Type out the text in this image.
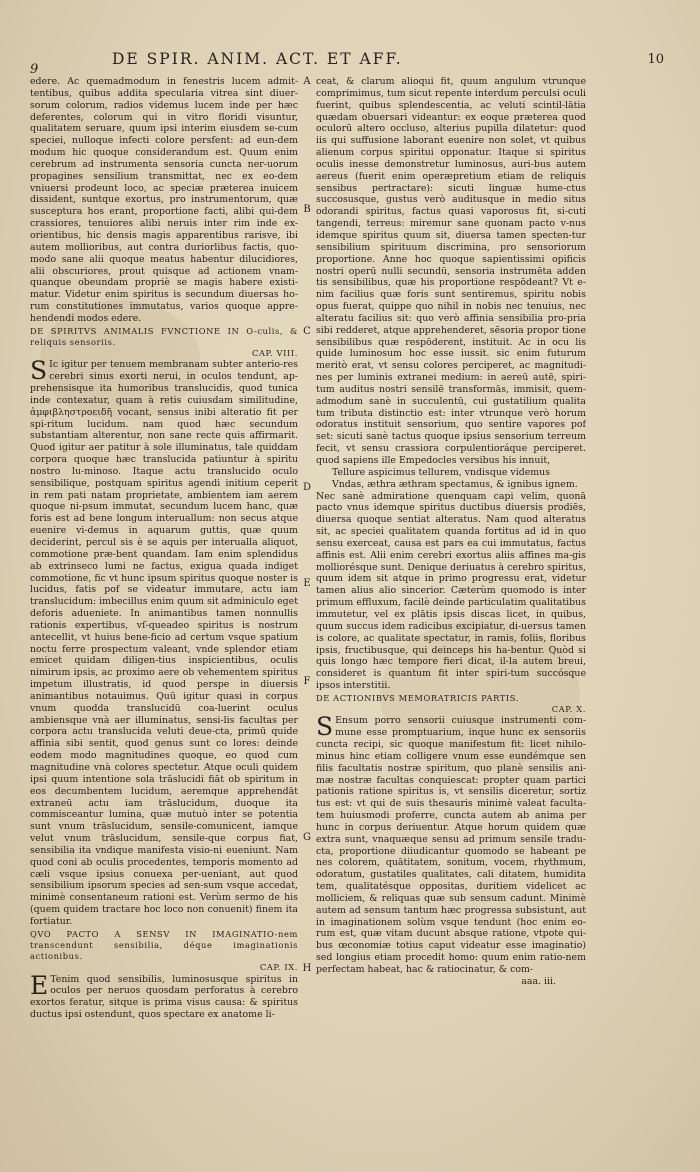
9
DE SPIR. ANIM. ACT. ET AFF.	10

edere. Ac quemadmodum in fenestris lucem admit-tentibus, quibus addita specularia vitrea sint diuer-sorum colorum, radios videmus lucem inde per hæc deferentes, colorum qui in vitro floridi visuntur, qualitatem seruare, quum ipsi interim eiusdem se-cum speciei, nulloque infecti colore persfent: ad eun-dem modum hic quoque considerandum est. Quum enim cerebrum ad instrumenta sensoria cuncta ner-uorum propagines sensilium transmittat, nec ex eo-dem vniuersi prodeunt loco, ac speciæ præterea inuicem dissident, suntque exortus, pro instrumentorum, quæ suscepturа hos erant, proportione facti, alibi qui-dem crassiores, tenuiores alibi neruis inter rim inde ex-orientibus, hic densis magis apparentibus rarisve, ibi autem mollioribus, aut contra duriorlibus factis, quo-modo sane alii quoque meatus habentur dilucidiores, alii obscuriores, prout quisque ad actionem vnam-quanque obeundam propriè se magis habere existi-matur. Videtur enim spiritus is secundum diuersas ho-rum constitutiones immutatus, varios quoque appre-hendendi modos edere.

DE SPIRITVS ANIMALIS FVNCTIONE IN O-culis, & reliquis sensoriis.

CAP. VIII.

SIc igitur per tenuem membranam subter anterio-res cerebri sinus exorti nerui, in oculos tendunt, ap-prehensisque ita humoribus transluсidis, quod tunica inde contexatur, quam à retis cuiusdam similitudine, ἀμφιβληστροειδῆ vocant, sensus inibi alteratio fit per spi-ritum lucidum. nam quod hæc secundum substantiam alterentur, non sane recte quis affirmarit. Quod igitur aer patitur à sole illuminatus, tale quiddam corpora quoque hæc translucida patiuntur à spiritu nostro lu-minoso. Itaque actu translucido oculo sensibilique, postquam spiritus agendi initium ceperit in rem pati natam proprietate, ambientem iam aerem quoque ni-psum immutat, secundum lucem hanc, quæ foris est ad bene longum interuallum: non secus atque euenire vi-demus in aquarum guttis, quæ quum deciderint, percul sis è se aquis per interualla aliquot, commotione præ-bent quandam. Iam enim splendidus ab extrinseco lumi ne factus, exigua quada indiget commotione, fic vt hunc ipsum spiritus quoque noster is lucidus, fatis pof se videatur immutare, actu iam translucidum: imbecillus enim quum sit adminiculo eget deforis adueniete. In animantibus tamen nonnullis rationis expertibus, vſ-queadeo spiritus is nostrum antecellit, vt huius bene-ficio ad certum vsque spatium noctu ferre prospectum valeant, vnde splendor etiam emicet quidam diligen-tius inspicientibus, oculis nimirum ipsis, ac proximo aere ob vehementem spiritus impetum illustratis, id quod perspe in diuersis animantibus notauimus. Quū igitur quasi in corpus vnum quodda translucidū coa-luerint oculus ambiensque vnà aer illuminatus, sensi-lis facultas per corpora actu translucida veluti deue-cta, primū quide affinia sibi sentit, quod genus sunt co lores: deinde eodem modo magnitudines quoque, eo quod cum magnitudine vnà colores spectetur. Atque oculi quidem ipsi quum intentione sola trāslucidi fiāt ob spiritum in eos decumbentem lucidum, aeremque apprehendāt extraneū actu iam trāslucidum, duoque ita commisceantur lumina, quæ mutuò inter se potentia sunt vnum trāslucidum, sensile-comunicent, iamque velut vnum trāslucidum, sensile-que corpus fiat, sensibilia ita vndique manifesta visio-ni eueniunt. Nam quod coni ab oculis procedentes, temporis momento ad cæli vsque ipsius conuexa per-ueniant, aut quod sensibilium ipsorum species ad sen-sum vsque accedat, minimè consentaneum rationi est. Verùm sermo de his (quem quidem tractare hoc loco non conuenit) finem ita fortiatur.

QVO PACTO A SENSV IN IMAGINATIO-nem transcendunt sensibilia, déque imaginationis actionibus.

CAP. IX.

ETenim quod sensibilis, luminosusque spiritus in oculos per neruos quosdam perforatus à cerebro exortos feratur, sitque is prima visus causa: & spiritus ductus ipsi ostendunt, quos spectare ex anatome li-

A
B
C
D
E
F
G
H

ceat, & clarum alioqui fit, quum angulum vtrunque comprimimus, tum sicut repente interdum perculsi oculi fuerint, quibus splendescentia, ac veluti scintil-lātia quædam obuersari videantur: ex eoque præterea quod oculorū altero occluso, alterius pupilla dilatetur: quod iis qui suffusione laborant euenire non solet, vt quibus alienum corpus spiritui opponatur. Itaque si spiritus oculis inesse demonstretur luminosus, auri-bus autem aereus (fuerit enim operæpretium etiam de reliquis sensibus pertractare): sicuti linguæ hume-ctus succosusque, gustus verò auditusque in medio situs odorandi spiritus, factus quasi vaporosus fit, si-cuti tangendi, terreus: miremur sane quonam pacto v-nus idemque spiritus quum sit, diuersa tamen specten-tur sensibilium spirituum discrimina, pro sensoriorum proportione. Anne hoc quoque sapientissimi opificis nostri operū nulli secundū, sensoria instrumēta adden tis sensibilibus, quæ his proportione respōdeant? Vt e-nim facilius quæ foris sunt sentiremus, spiritu nobis opus fuerat, quippe quo nihil in nobis nec tenuius, nec alteratu facilius sit: quo verò affinia sensibilia pro-pria sibi redderet, atque apprehenderet, sēsoria propor tione sensibilibus quæ respōderent, instituit. Ac in ocu lis quide luminosum hoc esse iussit. sic enim futurum meritò erat, vt sensu colores perciperet, ac magnitudi-nes per luminis extranei medium: in aereū autē, spiri-tum auditus nostri sensilē transformās, immisit, quem-admodum sanè in succulentū, cui gustatilium qualita tum tributa distinctio est: inter vtrunque verò horum odoratus instituit sensorium, quo sentire vapores pof set: sicuti sanè tactus quoque ipsius sensorium terreum fecit, vt sensu crassiora corpulentioráque perciperet. quod sapiens ille Empedocles versibus his innuit,

Tellure aspicimus tellurem, vndisque videmus
Vndas, æthra æthram spectamus, & ignibus ignem.

Nec sanè admiratione quenquam capi velim, quonā pacto vnus idemque spiritus ductibus diuersis prodiēs, diuersa quoque sentiat alteratus. Nam quod alteratus sit, ac speciei qualitatem quanda fortitus ad id in quo sensu exerceat, causa est pars ea cui immutatus, factus affinis est. Alii enim cerebri exortus aliis affines ma-gis molliorésque sunt. Denique deriuatus à cerebro spiritus, quum idem sit atque in primo progressu erat, videtur tamen alius alio sincerior. Cæterùm quomodo is inter primum effluxum, facilè deinde particulatim qualitatibus immutetur, vel ex plātis ipsis discas licet, in quibus, quum succus idem radicibus excipiatur, di-uersus tamen is colore, ac qualitate spectatur, in ramis, foliis, floribus ipsis, fructibusque, qui deinceps his ha-bentur. Quòd si quis longo hæc tempore fieri dicat, il-la autem breui, consideret is quantum fit inter spiri-tum succósque ipsos interstitii.

DE ACTIONIBVS MEMORATRICIS PARTIS.

CAP. X.

SEnsum porro sensorii cuiusque instrumenti com-mune esse promptuarium, inque hunc ex sensoriis cuncta recipi, sic quoque manifestum fit: licet nihilo-minus hinc etiam colligere vnum esse eundémque sen filis facultatis nostræ spiritum, quo planè sensilis ani-mæ nostræ facultas conquiescat: propter quam partici pationis ratione spiritus is, vt sensilis diceretur, sortiz tus est: vt qui de suis thesauris minimè valeat faculta-tem huiusmodi proferre, cuncta autem ab anima per hunc in corpus deriuentur. Atque horum quidem quæ extra sunt, vnaquæque sensu ad primum sensile tradu-cta, proportione diiudicantur quomodo se habeant pe nes colorem, quātitatem, sonitum, vocem, rhythmum, odoratum, gustatiles qualitates, cali ditatem, humidita tem, qualitatésque oppositas, duritiem videlicet ac molliciem, & reliquas quæ sub sensum cadunt. Minimè autem ad sensum tantum hæc progressa subsistunt, aut in imaginationem solùm vsque tendunt (hoc enim eo-rum est, quæ vitam ducunt absque ratione, vtpote qui-bus œconomiæ totius caput videatur esse imaginatio) sed longius etiam procedit homo: quum enim ratio-nem perfectam habeat, hac & ratiocinatur, & com-

aaa. iii.
